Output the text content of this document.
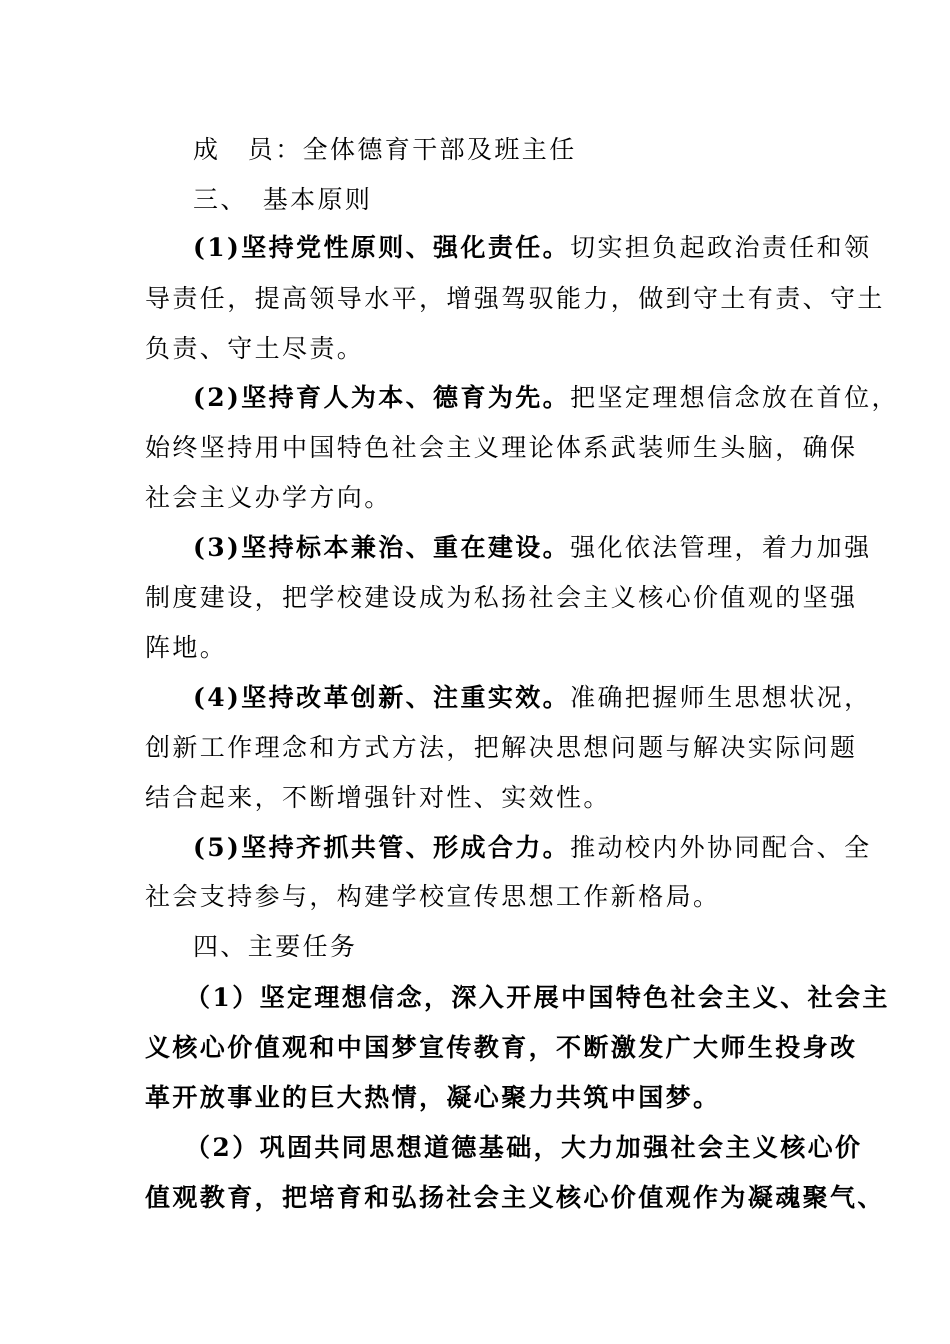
成　员：全体德育干部及班主任
三、　基本原则
(1)坚持党性原则、强化责任。切实担负起政治责任和领
导责任，提高领导水平，增强驾驭能力，做到守土有责、守土
负责、守土尽责。
(2)坚持育人为本、德育为先。把坚定理想信念放在首位，
始终坚持用中国特色社会主义理论体系武装师生头脑，确保
社会主义办学方向。
(3)坚持标本兼治、重在建设。强化依法管理，着力加强
制度建设，把学校建设成为私扬社会主义核心价值观的坚强
阵地。
(4)坚持改革创新、注重实效。准确把握师生思想状况，
创新工作理念和方式方法，把解决思想问题与解决实际问题
结合起来，不断增强针对性、实效性。
(5)坚持齐抓共管、形成合力。推动校内外协同配合、全
社会支持参与，构建学校宣传思想工作新格局。
四、主要任务
（1）坚定理想信念，深入开展中国特色社会主义、社会主
义核心价值观和中国梦宣传教育，不断激发广大师生投身改
革开放事业的巨大热情，凝心聚力共筑中国梦。
（2）巩固共同思想道德基础，大力加强社会主义核心价
值观教育，把培育和弘扬社会主义核心价值观作为凝魂聚气、
